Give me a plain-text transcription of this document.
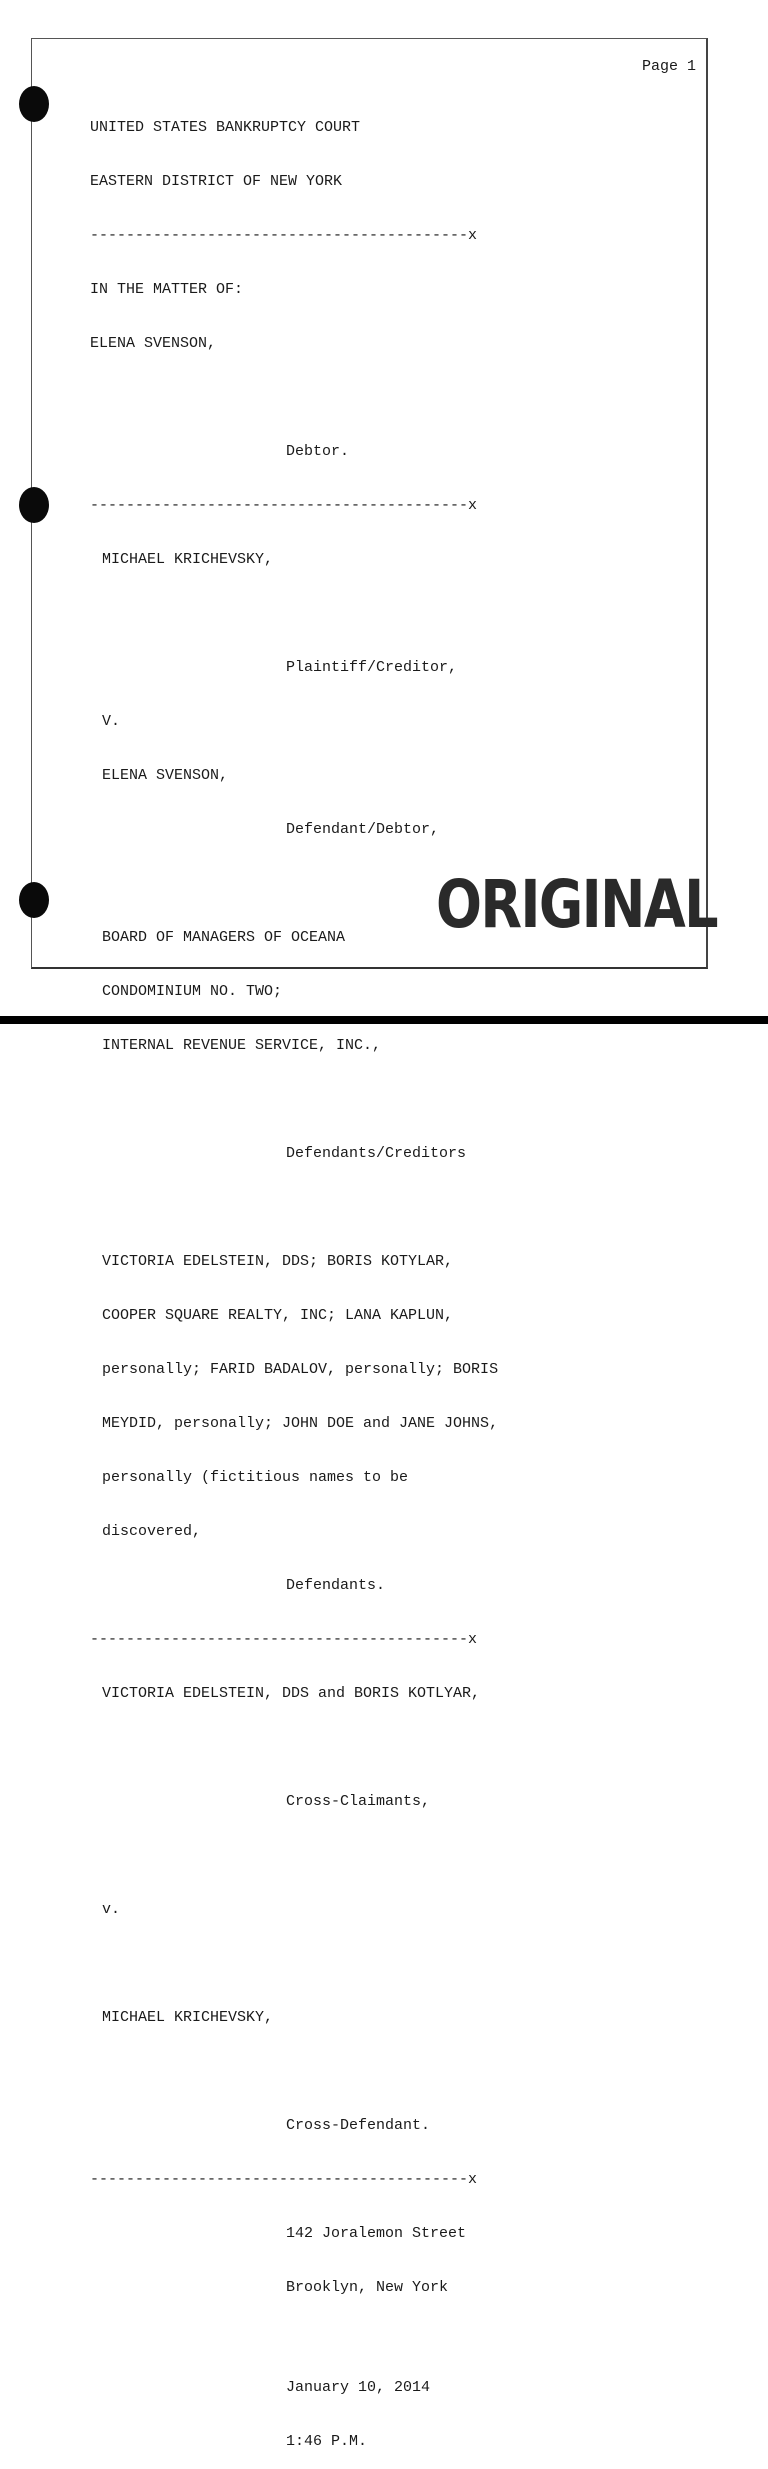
Page 1

UNITED STATES BANKRUPTCY COURT

EASTERN DISTRICT OF NEW YORK

------------------------------------------x

IN THE MATTER OF:

ELENA SVENSON,

Debtor.

------------------------------------------x

MICHAEL KRICHEVSKY,

Plaintiff/Creditor,

V.

ELENA SVENSON,

Defendant/Debtor,

BOARD OF MANAGERS OF OCEANA

CONDOMINIUM NO. TWO;

INTERNAL REVENUE SERVICE, INC.,

Defendants/Creditors

VICTORIA EDELSTEIN, DDS; BORIS KOTYLAR,

COOPER SQUARE REALTY, INC; LANA KAPLUN,

personally; FARID BADALOV, personally; BORIS

MEYDID, personally; JOHN DOE and JANE JOHNS,

personally (fictitious names to be

discovered,

Defendants.

------------------------------------------x

VICTORIA EDELSTEIN, DDS and BORIS KOTLYAR,

Cross-Claimants,

v.

MICHAEL KRICHEVSKY,

Cross-Defendant.

------------------------------------------x

142 Joralemon Street

Brooklyn, New York

January 10, 2014

1:46 P.M.

ORIGINAL
